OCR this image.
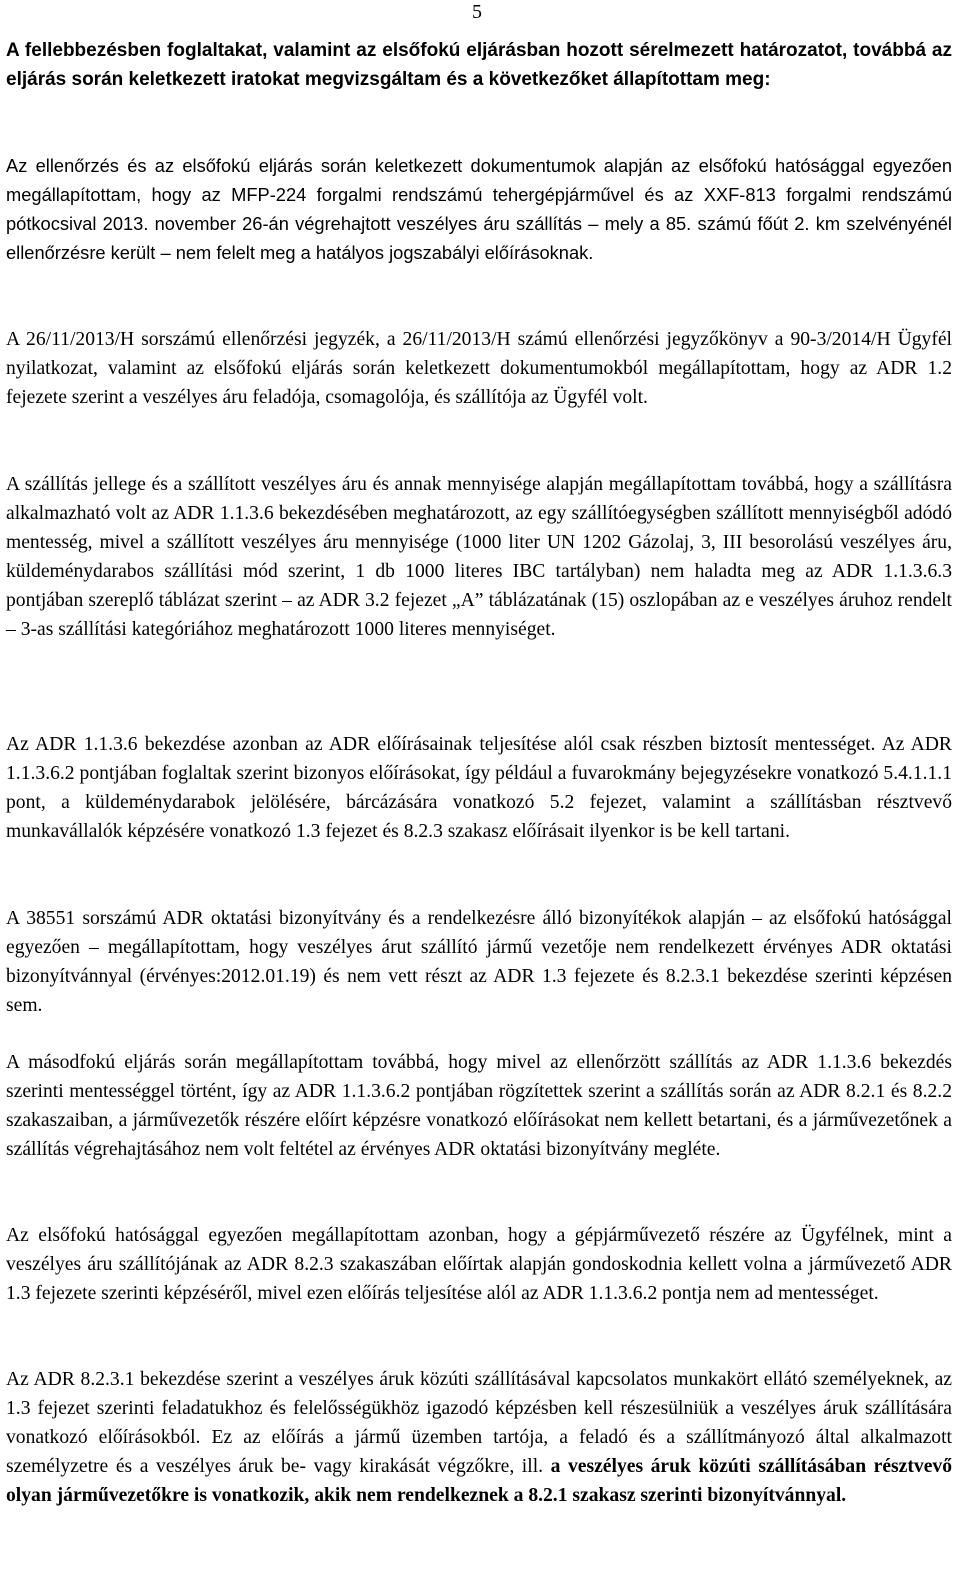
5

A fellebbezésben foglaltakat, valamint az elsőfokú eljárásban hozott sérelmezett határozatot, továbbá az eljárás során keletkezett iratokat megvizsgáltam és a következőket állapítottam meg:

Az ellenőrzés és az elsőfokú eljárás során keletkezett dokumentumok alapján az elsőfokú hatósággal egyezően megállapítottam, hogy az MFP-224 forgalmi rendszámú tehergépjárművel és az XXF-813 forgalmi rendszámú pótkocsival 2013. november 26-án végrehajtott veszélyes áru szállítás – mely a 85. számú főút 2. km szelvényénél ellenőrzésre került – nem felelt meg a hatályos jogszabályi előírásoknak.

A 26/11/2013/H sorszámú ellenőrzési jegyzék, a 26/11/2013/H számú ellenőrzési jegyzőkönyv a 90-3/2014/H Ügyfél nyilatkozat, valamint az elsőfokú eljárás során keletkezett dokumentumokból megállapítottam, hogy az ADR 1.2 fejezete szerint a veszélyes áru feladója, csomagolója, és szállítója az Ügyfél volt.

A szállítás jellege és a szállított veszélyes áru és annak mennyisége alapján megállapítottam továbbá, hogy a szállításra alkalmazható volt az ADR 1.1.3.6 bekezdésében meghatározott, az egy szállítóegységben szállított mennyiségből adódó mentesség, mivel a szállított veszélyes áru mennyisége (1000 liter UN 1202 Gázolaj, 3, III besorolású veszélyes áru, küldeménydarabos szállítási mód szerint, 1 db 1000 literes IBC tartályban) nem haladta meg az ADR 1.1.3.6.3 pontjában szereplő táblázat szerint – az ADR 3.2 fejezet „A” táblázatának (15) oszlopában az e veszélyes áruhoz rendelt – 3-as szállítási kategóriához meghatározott 1000 literes mennyiséget.

Az ADR 1.1.3.6 bekezdése azonban az ADR előírásainak teljesítése alól csak részben biztosít mentességet. Az ADR 1.1.3.6.2 pontjában foglaltak szerint bizonyos előírásokat, így például a fuvarokmány bejegyzésekre vonatkozó 5.4.1.1.1 pont, a küldeménydarabok jelölésére, bárcázására vonatkozó 5.2 fejezet, valamint a szállításban résztvevő munkavállalók képzésére vonatkozó 1.3 fejezet és 8.2.3 szakasz előírásait ilyenkor is be kell tartani.

A 38551 sorszámú ADR oktatási bizonyítvány és a rendelkezésre álló bizonyítékok alapján – az elsőfokú hatósággal egyezően – megállapítottam, hogy veszélyes árut szállító jármű vezetője nem rendelkezett érvényes ADR oktatási bizonyítvánnyal (érvényes:2012.01.19) és nem vett részt az ADR 1.3 fejezete és 8.2.3.1 bekezdése szerinti képzésen sem.

A másodfokú eljárás során megállapítottam továbbá, hogy mivel az ellenőrzött szállítás az ADR 1.1.3.6 bekezdés szerinti mentességgel történt, így az ADR 1.1.3.6.2 pontjában rögzítettek szerint a szállítás során az ADR 8.2.1 és 8.2.2 szakaszaiban, a járművezetők részére előírt képzésre vonatkozó előírásokat nem kellett betartani, és a járművezetőnek a szállítás végrehajtásához nem volt feltétel az érvényes ADR oktatási bizonyítvány megléte.

Az elsőfokú hatósággal egyezően megállapítottam azonban, hogy a gépjárművezető részére az Ügyfélnek, mint a veszélyes áru szállítójának az ADR 8.2.3 szakaszában előírtak alapján gondoskodnia kellett volna a járművezető ADR 1.3 fejezete szerinti képzéséről, mivel ezen előírás teljesítése alól az ADR 1.1.3.6.2 pontja nem ad mentességet.

Az ADR 8.2.3.1 bekezdése szerint a veszélyes áruk közúti szállításával kapcsolatos munkakört ellátó személyeknek, az 1.3 fejezet szerinti feladatukhoz és felelősségükhöz igazodó képzésben kell részesülniük a veszélyes áruk szállítására vonatkozó előírásokból. Ez az előírás a jármű üzemben tartója, a feladó és a szállítmányozó által alkalmazott személyzetre és a veszélyes áruk be- vagy kirakását végzőkre, ill. a veszélyes áruk közúti szállításában résztvevő olyan járművezetőkre is vonatkozik, akik nem rendelkeznek a 8.2.1 szakasz szerinti bizonyítvánnyal.
